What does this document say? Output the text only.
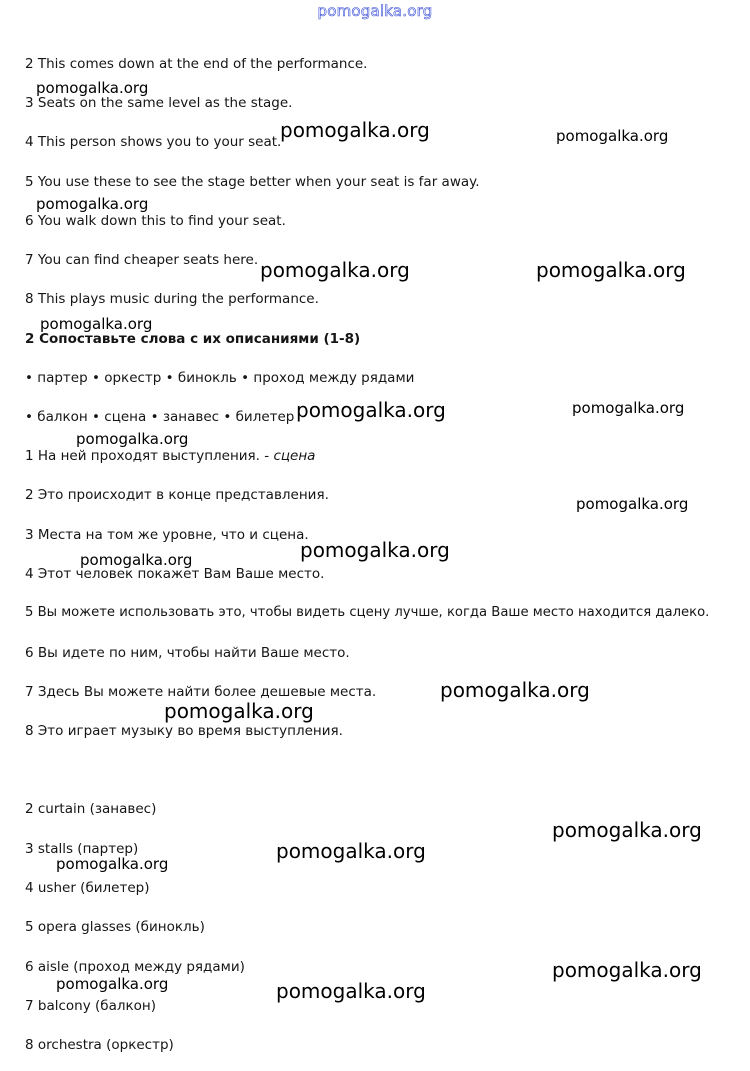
pomogalka.org
2 This comes down at the end of the performance.
3 Seats on the same level as the stage.
4 This person shows you to your seat.
5 You use these to see the stage better when your seat is far away.
6 You walk down this to find your seat.
7 You can find cheaper seats here.
8 This plays music during the performance.
2 Сопоставьте слова с их описаниями (1-8)
• партер • оркестр • бинокль • проход между рядами
• балкон • сцена • занавес • билетер
1 На ней проходят выступления. - сцена
2 Это происходит в конце представления.
3 Места на том же уровне, что и сцена.
4 Этот человек покажет Вам Ваше место.
5 Вы можете использовать это, чтобы видеть сцену лучше, когда Ваше место находится далеко.
6 Вы идете по ним, чтобы найти Ваше место.
7 Здесь Вы можете найти более дешевые места.
8 Это играет музыку во время выступления.
2 curtain (занавес)
3 stalls (партер)
4 usher (билетер)
5 opera glasses (бинокль)
6 aisle (проход между рядами)
7 balcony (балкон)
8 orchestra (оркестр)
pomogalka.org
pomogalka.org	pomogalka.org
pomogalka.org
pomogalka.org	pomogalka.org
pomogalka.org
pomogalka.org	pomogalka.org
pomogalka.org
pomogalka.org
pomogalka.org
pomogalka.org
pomogalka.org
pomogalka.org
pomogalka.org
pomogalka.org
pomogalka.org
pomogalka.org
pomogalka.org	pomogalka.org
